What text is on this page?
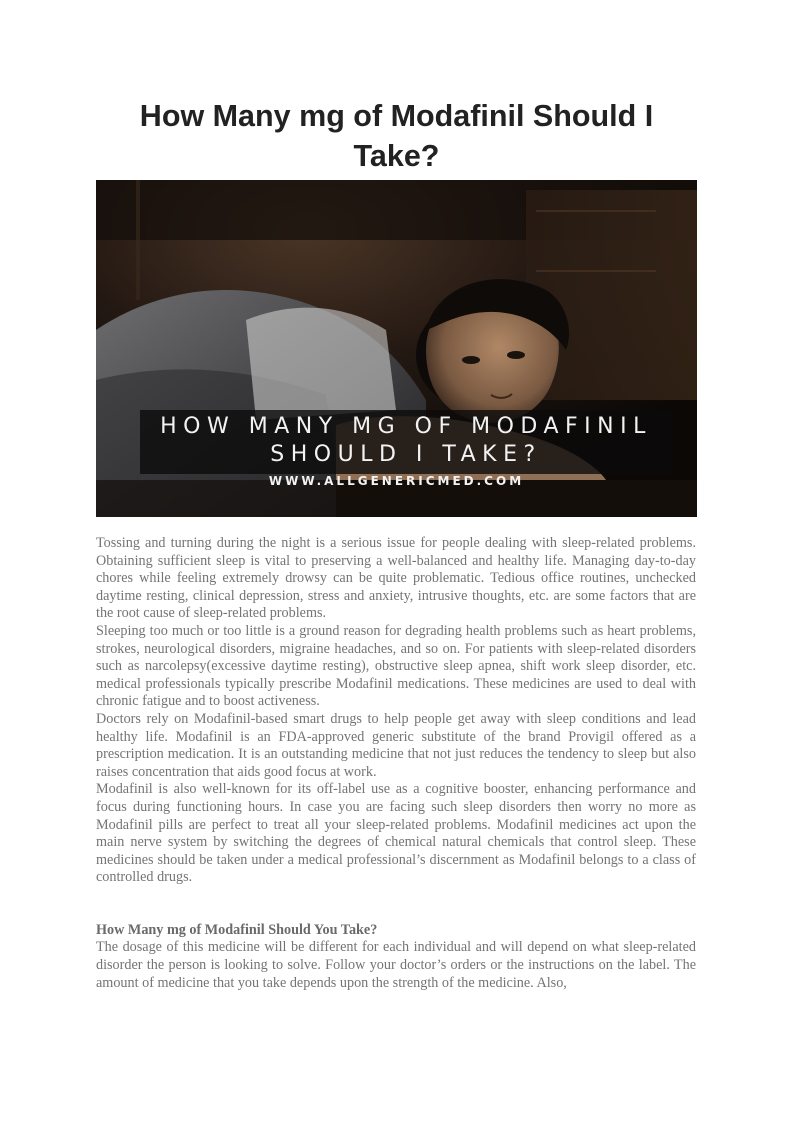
How Many mg of Modafinil Should I Take?
HOW MANY MG OF MODAFINIL
SHOULD I TAKE?
WWW.ALLGENERICMED.COM

Tossing and turning during the night is a serious issue for people dealing with sleep-related problems. Obtaining sufficient sleep is vital to preserving a well-balanced and healthy life. Managing day-to-day chores while feeling extremely drowsy can be quite problematic. Tedious office routines, unchecked daytime resting, clinical depression, stress and anxiety, intrusive thoughts, etc. are some factors that are the root cause of sleep-related problems.

Sleeping too much or too little is a ground reason for degrading health problems such as heart problems, strokes, neurological disorders, migraine headaches, and so on. For patients with sleep-related disorders such as narcolepsy(excessive daytime resting), obstructive sleep apnea, shift work sleep disorder, etc. medical professionals typically prescribe Modafinil medications. These medicines are used to deal with chronic fatigue and to boost activeness.

Doctors rely on Modafinil-based smart drugs to help people get away with sleep conditions and lead healthy life. Modafinil is an FDA-approved generic substitute of the brand Provigil offered as a prescription medication. It is an outstanding medicine that not just reduces the tendency to sleep but also raises concentration that aids good focus at work.

Modafinil is also well-known for its off-label use as a cognitive booster, enhancing performance and focus during functioning hours. In case you are facing such sleep disorders then worry no more as Modafinil pills are perfect to treat all your sleep-related problems. Modafinil medicines act upon the main nerve system by switching the degrees of chemical natural chemicals that control sleep. These medicines should be taken under a medical professional’s discernment as Modafinil belongs to a class of controlled drugs.

How Many mg of Modafinil Should You Take?

The dosage of this medicine will be different for each individual and will depend on what sleep-related disorder the person is looking to solve. Follow your doctor’s orders or the instructions on the label. The amount of medicine that you take depends upon the strength of the medicine. Also,
